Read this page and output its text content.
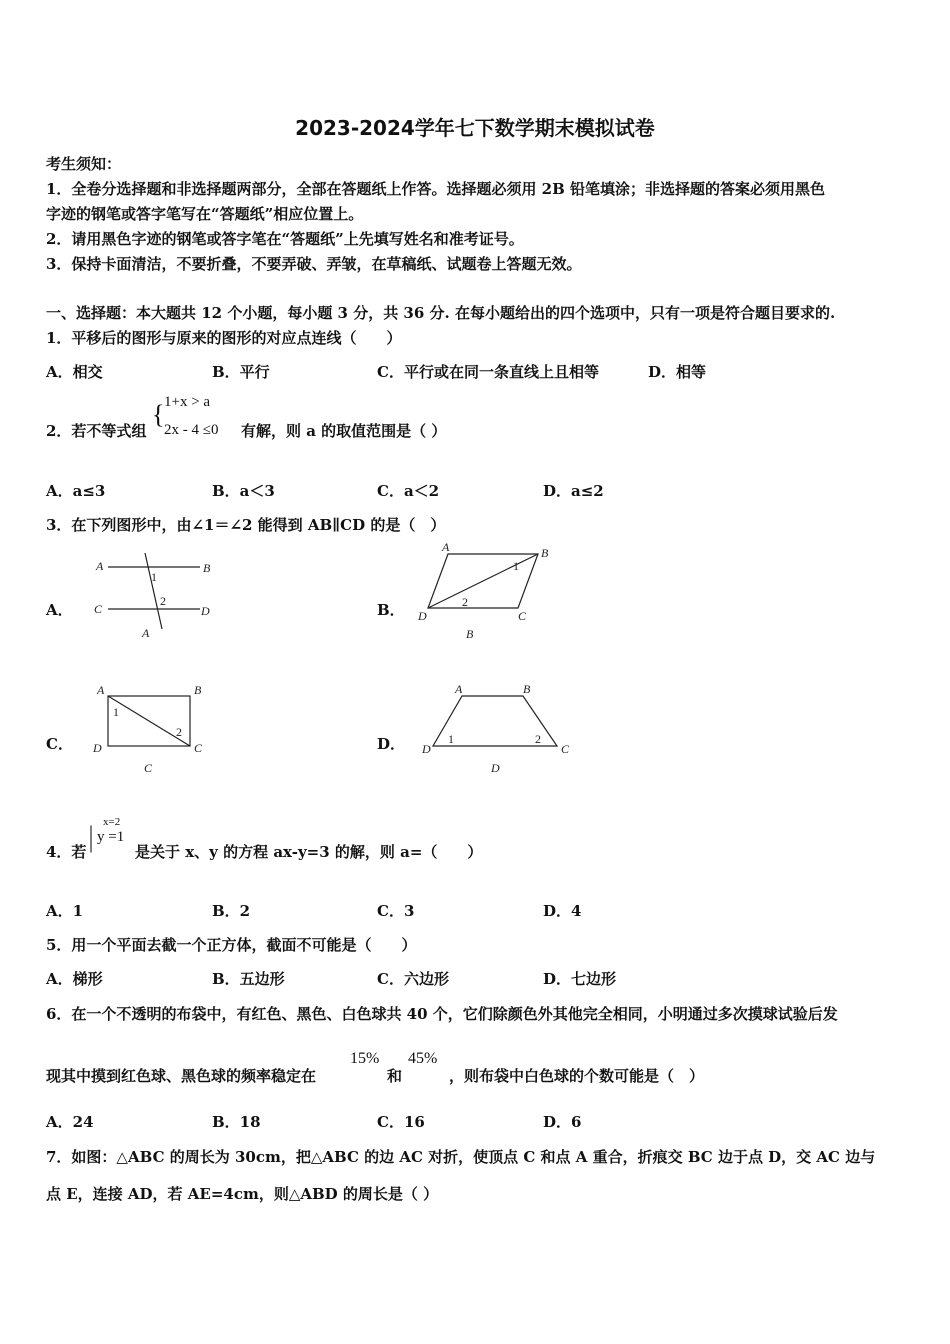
2023-2024学年七下数学期末模拟试卷
考生须知：
1．全卷分选择题和非选择题两部分，全部在答题纸上作答。选择题必须用 2B 铅笔填涂；非选择题的答案必须用黑色
字迹的钢笔或答字笔写在“答题纸”相应位置上。
2．请用黑色字迹的钢笔或答字笔在“答题纸”上先填写姓名和准考证号。
3．保持卡面清洁，不要折叠，不要弄破、弄皱，在草稿纸、试题卷上答题无效。
一、选择题：本大题共 12 个小题，每小题 3 分，共 36 分. 在每小题给出的四个选项中，只有一项是符合题目要求的.
1．平移后的图形与原来的图形的对应点连线（　　）
A．相交	B．平行	C．平行或在同一条直线上且相等	D．相等
2．若不等式组
{ 1+x > a
2x - 4 ≤0 有解，则 a 的取值范围是（ ）
A．a≤3	B．a＜3	C．a＜2	D．a≤2
3．在下列图形中，由∠1＝∠2 能得到 AB∥CD 的是（　）
A．	B．
C．	D．
A	B
C	D
1
2
A
A	B
C
D
1
2
B
A	B
C
D
1
2
C
A	B
C
D
1	2
D
4．若 | x=2
y =1
是关于 x、y 的方程 ax-y=3 的解，则 a=（　　）
A．1	B．2	C．3	D．4
5．用一个平面去截一个正方体，截面不可能是（　　）
A．梯形	B．五边形	C．六边形	D．七边形
6．在一个不透明的布袋中，有红色、黑色、白色球共 40 个，它们除颜色外其他完全相同，小明通过多次摸球试验后发
现其中摸到红色球、黑色球的频率稳定在
15%
和
45%
，则布袋中白色球的个数可能是（　）
A．24	B．18	C．16	D．6
7．如图：△ABC 的周长为 30cm，把△ABC 的边 AC 对折，使顶点 C 和点 A 重合，折痕交 BC 边于点 D，交 AC 边与
点 E，连接 AD，若 AE=4cm，则△ABD 的周长是（ ）
